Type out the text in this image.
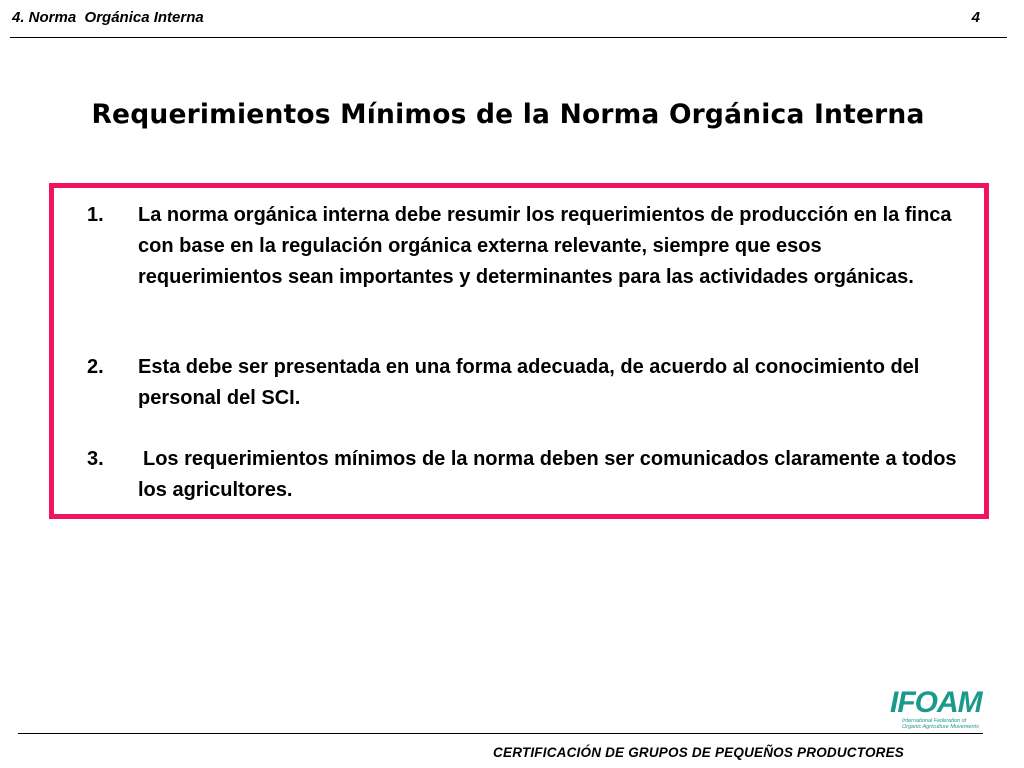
4. Norma  Orgánica Interna	4
Requerimientos Mínimos de la Norma Orgánica Interna
1. La norma orgánica interna debe resumir los requerimientos de producción en la finca con base en la regulación orgánica externa relevante, siempre que esos requerimientos sean importantes y determinantes para las actividades orgánicas.
2. Esta debe ser presentada en una forma adecuada, de acuerdo al conocimiento del personal del SCI.
3. Los requerimientos mínimos de la norma deben ser comunicados claramente a todos los agricultores.
IFOAM
International Federation of
Organic Agriculture Movements
CERTIFICACIÓN DE GRUPOS DE PEQUEÑOS PRODUCTORES
